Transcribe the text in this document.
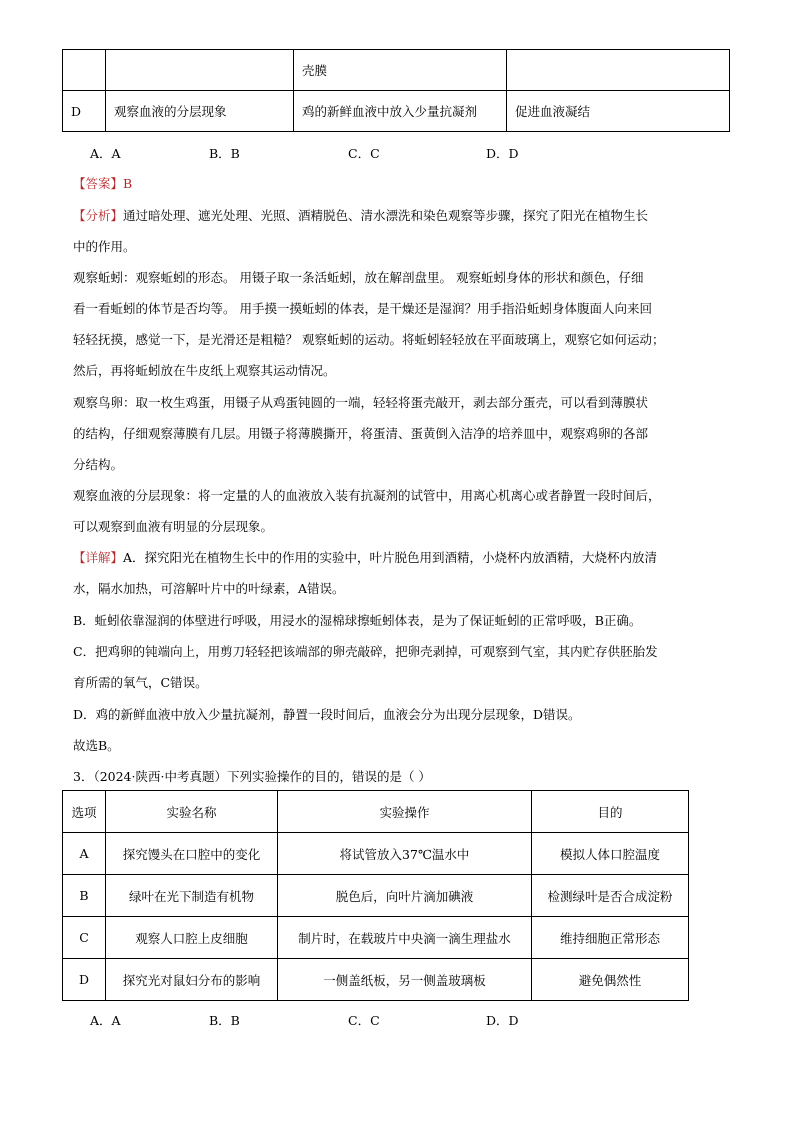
		壳膜	
D	观察血液的分层现象	鸡的新鲜血液中放入少量抗凝剂	促进血液凝结
A．A	B．B	C．C	D．D
【答案】B
【分析】通过暗处理、遮光处理、光照、酒精脱色、清水漂洗和染色观察等步骤，探究了阳光在植物生长
中的作用。
观察蚯蚓：观察蚯蚓的形态。 用镊子取一条活蚯蚓，放在解剖盘里。 观察蚯蚓身体的形状和颜色，仔细
看一看蚯蚓的体节是否均等。 用手摸一摸蚯蚓的体表，是干燥还是湿润？用手指沿蚯蚓身体腹面人向来回
轻轻抚摸，感觉一下，是光滑还是粗糙？ 观察蚯蚓的运动。将蚯蚓轻轻放在平面玻璃上，观察它如何运动；
然后，再将蚯蚓放在牛皮纸上观察其运动情况。
观察鸟卵：取一枚生鸡蛋，用镊子从鸡蛋钝圆的一端，轻轻将蛋壳敲开，剥去部分蛋壳，可以看到薄膜状
的结构，仔细观察薄膜有几层。用镊子将薄膜撕开，将蛋清、蛋黄倒入洁净的培养皿中，观察鸡卵的各部
分结构。
观察血液的分层现象：将一定量的人的血液放入装有抗凝剂的试管中，用离心机离心或者静置一段时间后，
可以观察到血液有明显的分层现象。
【详解】A．探究阳光在植物生长中的作用的实验中，叶片脱色用到酒精，小烧杯内放酒精，大烧杯内放清
水，隔水加热，可溶解叶片中的叶绿素，A错误。
B．蚯蚓依靠湿润的体壁进行呼吸，用浸水的湿棉球擦蚯蚓体表，是为了保证蚯蚓的正常呼吸，B正确。
C．把鸡卵的钝端向上，用剪刀轻轻把该端部的卵壳敲碎，把卵壳剥掉，可观察到气室，其内贮存供胚胎发
育所需的氧气，C错误。
D．鸡的新鲜血液中放入少量抗凝剂，静置一段时间后，血液会分为出现分层现象，D错误。
故选B。
3．（2024·陕西·中考真题）下列实验操作的目的，错误的是（ ）
选项	实验名称	实验操作	目的
A	探究馒头在口腔中的变化	将试管放入37℃温水中	模拟人体口腔温度
B	绿叶在光下制造有机物	脱色后，向叶片滴加碘液	检测绿叶是否合成淀粉
C	观察人口腔上皮细胞	制片时，在载玻片中央滴一滴生理盐水	维持细胞正常形态
D	探究光对鼠妇分布的影响	一侧盖纸板，另一侧盖玻璃板	避免偶然性
A．A	B．B	C．C	D．D
